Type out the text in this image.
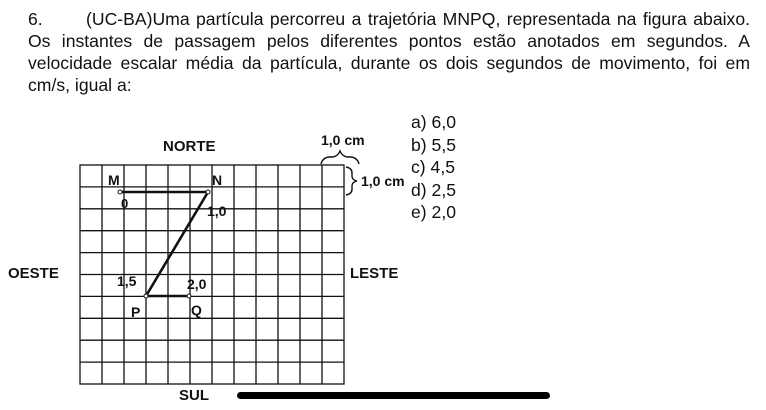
6. (UC-BA)Uma partícula percorreu a trajetória MNPQ, representada na figura abaixo. Os instantes de passagem pelos diferentes pontos estão anotados em segundos. A velocidade escalar média da partícula, durante os dois segundos de movimento, foi em cm/s, igual a:
a) 6,0
b) 5,5
c) 4,5
d) 2,5
e) 2,0
NORTE
SUL
OESTE	LESTE
1,0 cm
1,0 cm
M
0
N
1,0
1,5
P
2,0
Q
